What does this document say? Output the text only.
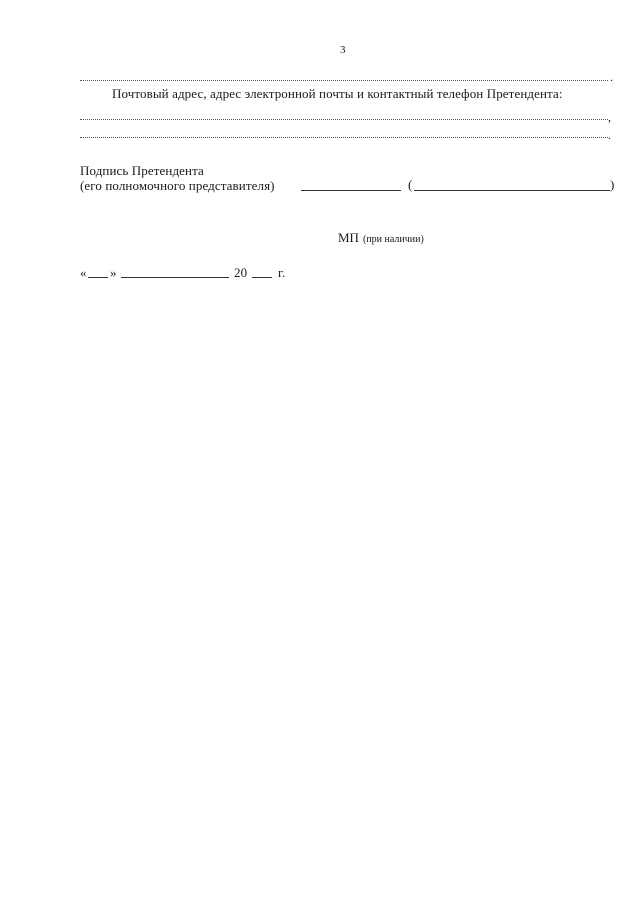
3
.
Почтовый адрес, адрес электронной почты и контактный телефон Претендента:
,
.
Подпись Претендента
(его полномочного представителя)	(	)
МП (при наличии)
« »	20 г.
